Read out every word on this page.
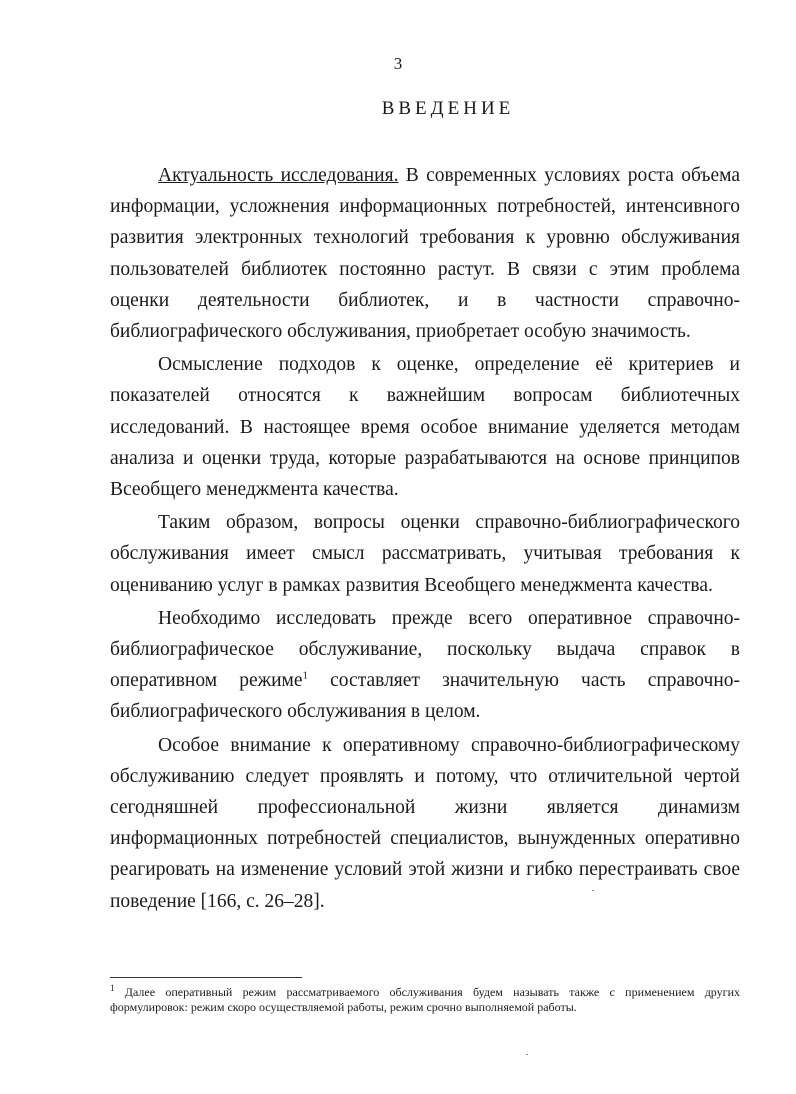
3
ВВЕДЕНИЕ

Актуальность исследования. В современных условиях роста объема информации, усложнения информационных потребностей, интенсивного развития электронных технологий требования к уровню обслуживания пользователей библиотек постоянно растут. В связи с этим проблема оценки деятельности библиотек, и в частности справочно-библиографического обслуживания, приобретает особую значимость.

Осмысление подходов к оценке, определение её критериев и показателей относятся к важнейшим вопросам библиотечных исследований. В настоящее время особое внимание уделяется методам анализа и оценки труда, которые разрабатываются на основе принципов Всеобщего менеджмента качества.

Таким образом, вопросы оценки справочно-библиографического обслуживания имеет смысл рассматривать, учитывая требования к оцениванию услуг в рамках развития Всеобщего менеджмента качества.

Необходимо исследовать прежде всего оперативное справочно-библиографическое обслуживание, поскольку выдача справок в оперативном режиме$^1$ составляет значительную часть справочно-библиографического обслуживания в целом.

Особое внимание к оперативному справочно-библиографическому обслуживанию следует проявлять и потому, что отличительной чертой сегодняшней профессиональной жизни является динамизм информационных потребностей специалистов, вынужденных оперативно реагировать на изменение условий этой жизни и гибко перестраивать свое поведение [166, с. 26–28].

$^1$ Далее оперативный режим рассматриваемого обслуживания будем называть также с применением других формулировок: режим скоро осуществляемой работы, режим срочно выполняемой работы.
